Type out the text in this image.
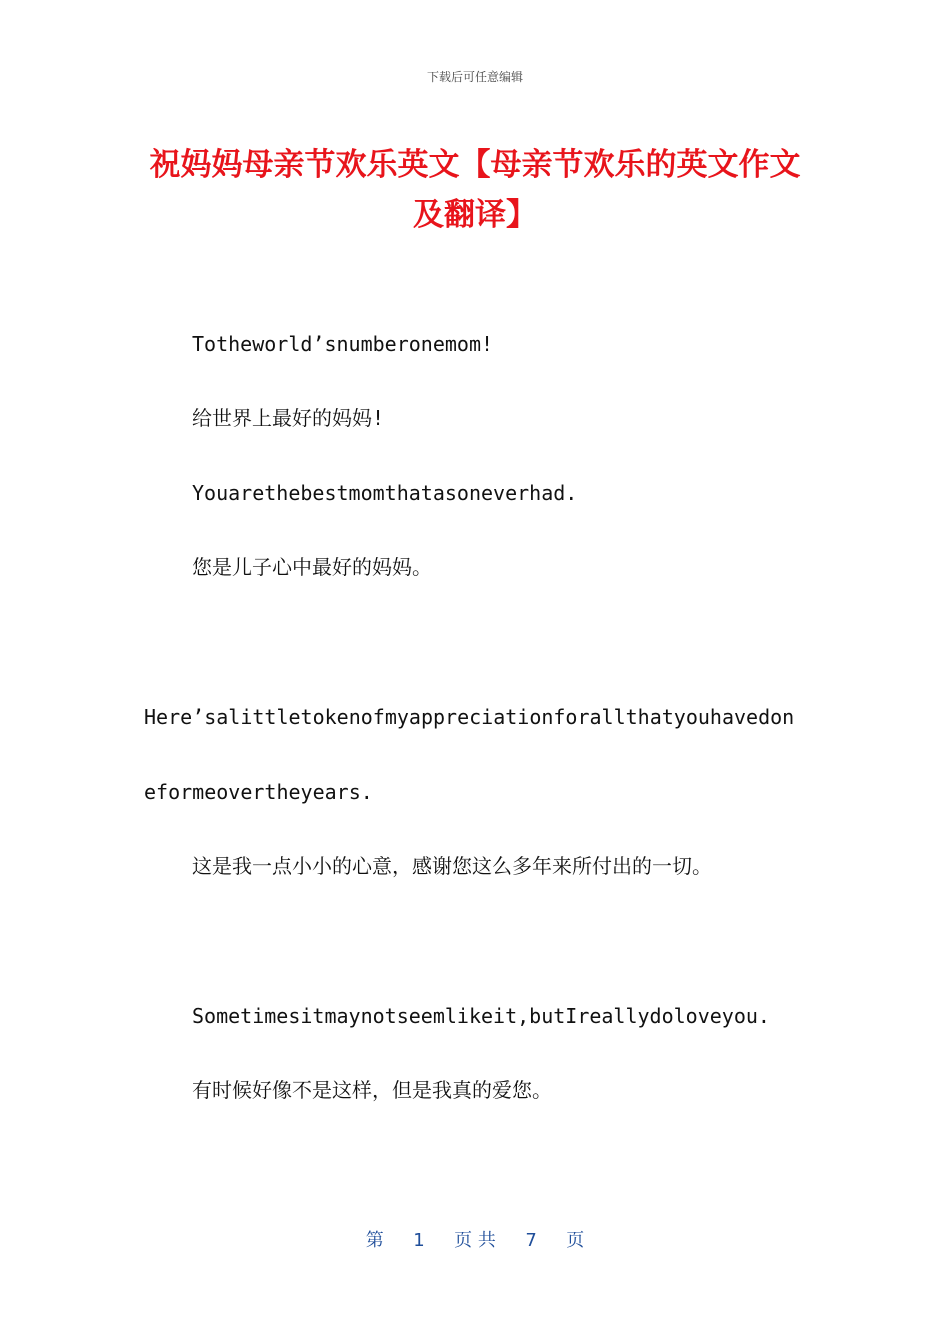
下载后可任意编辑
祝妈妈母亲节欢乐英文【母亲节欢乐的英文作文及翻译】

Totheworld’snumberonemom!

给世界上最好的妈妈!

Youarethebestmomthatasoneverhad.

您是儿子心中最好的妈妈。

Here’salittletokenofmyappreciationforallthatyouhavedon

eformeovertheyears.

这是我一点小小的心意，感谢您这么多年来所付出的一切。

Sometimesitmaynotseemlikeit,butIreallydoloveyou.

有时候好像不是这样，但是我真的爱您。

第 1 页 共 7 页
